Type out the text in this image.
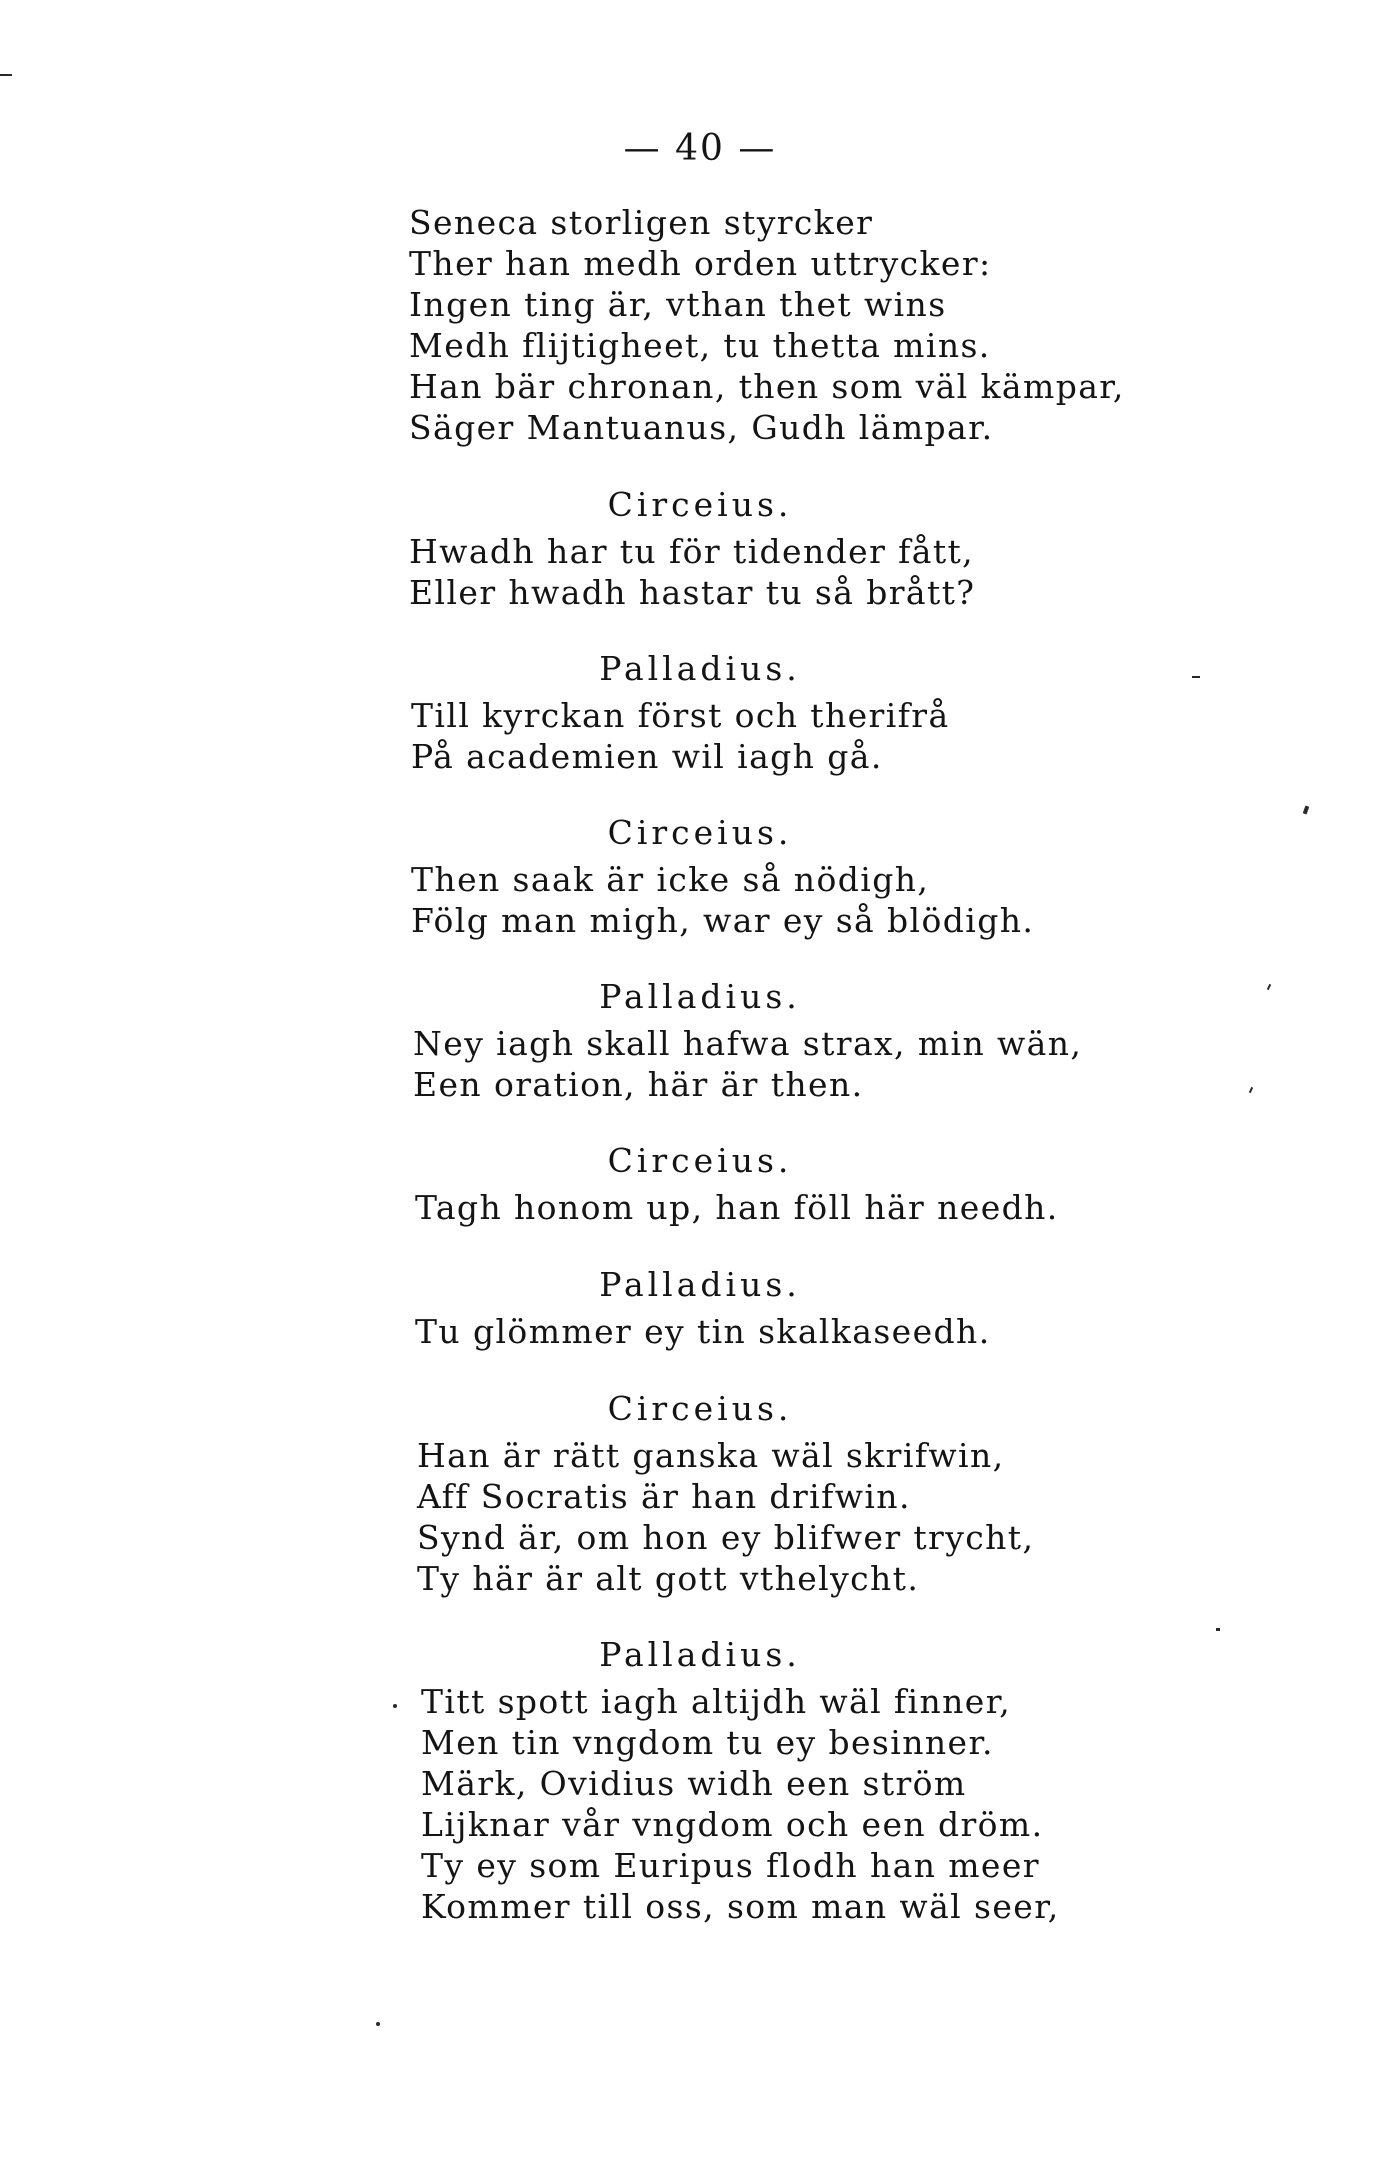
— 40 —
Seneca storligen styrcker
Ther han medh orden uttrycker:
Ingen ting är, vthan thet wins
Medh flijtigheet, tu thetta mins.
Han bär chronan, then som väl kämpar,
Säger Mantuanus, Gudh lämpar.
Circeius.
Hwadh har tu för tidender fått,
Eller hwadh hastar tu så brått?
Palladius.
Till kyrckan först och therifrå
På academien wil iagh gå.
Circeius.
Then saak är icke så nödigh,
Fölg man migh, war ey så blödigh.
Palladius.
Ney iagh skall hafwa strax, min wän,
Een oration, här är then.
Circeius.
Tagh honom up, han föll här needh.
Palladius.
Tu glömmer ey tin skalkaseedh.
Circeius.
Han är rätt ganska wäl skrifwin,
Aff Socratis är han drifwin.
Synd är, om hon ey blifwer trycht,
Ty här är alt gott vthelycht.
Palladius.
Titt spott iagh altijdh wäl finner,
Men tin vngdom tu ey besinner.
Märk, Ovidius widh een ström
Lijknar vår vngdom och een dröm.
Ty ey som Euripus flodh han meer
Kommer till oss, som man wäl seer,
